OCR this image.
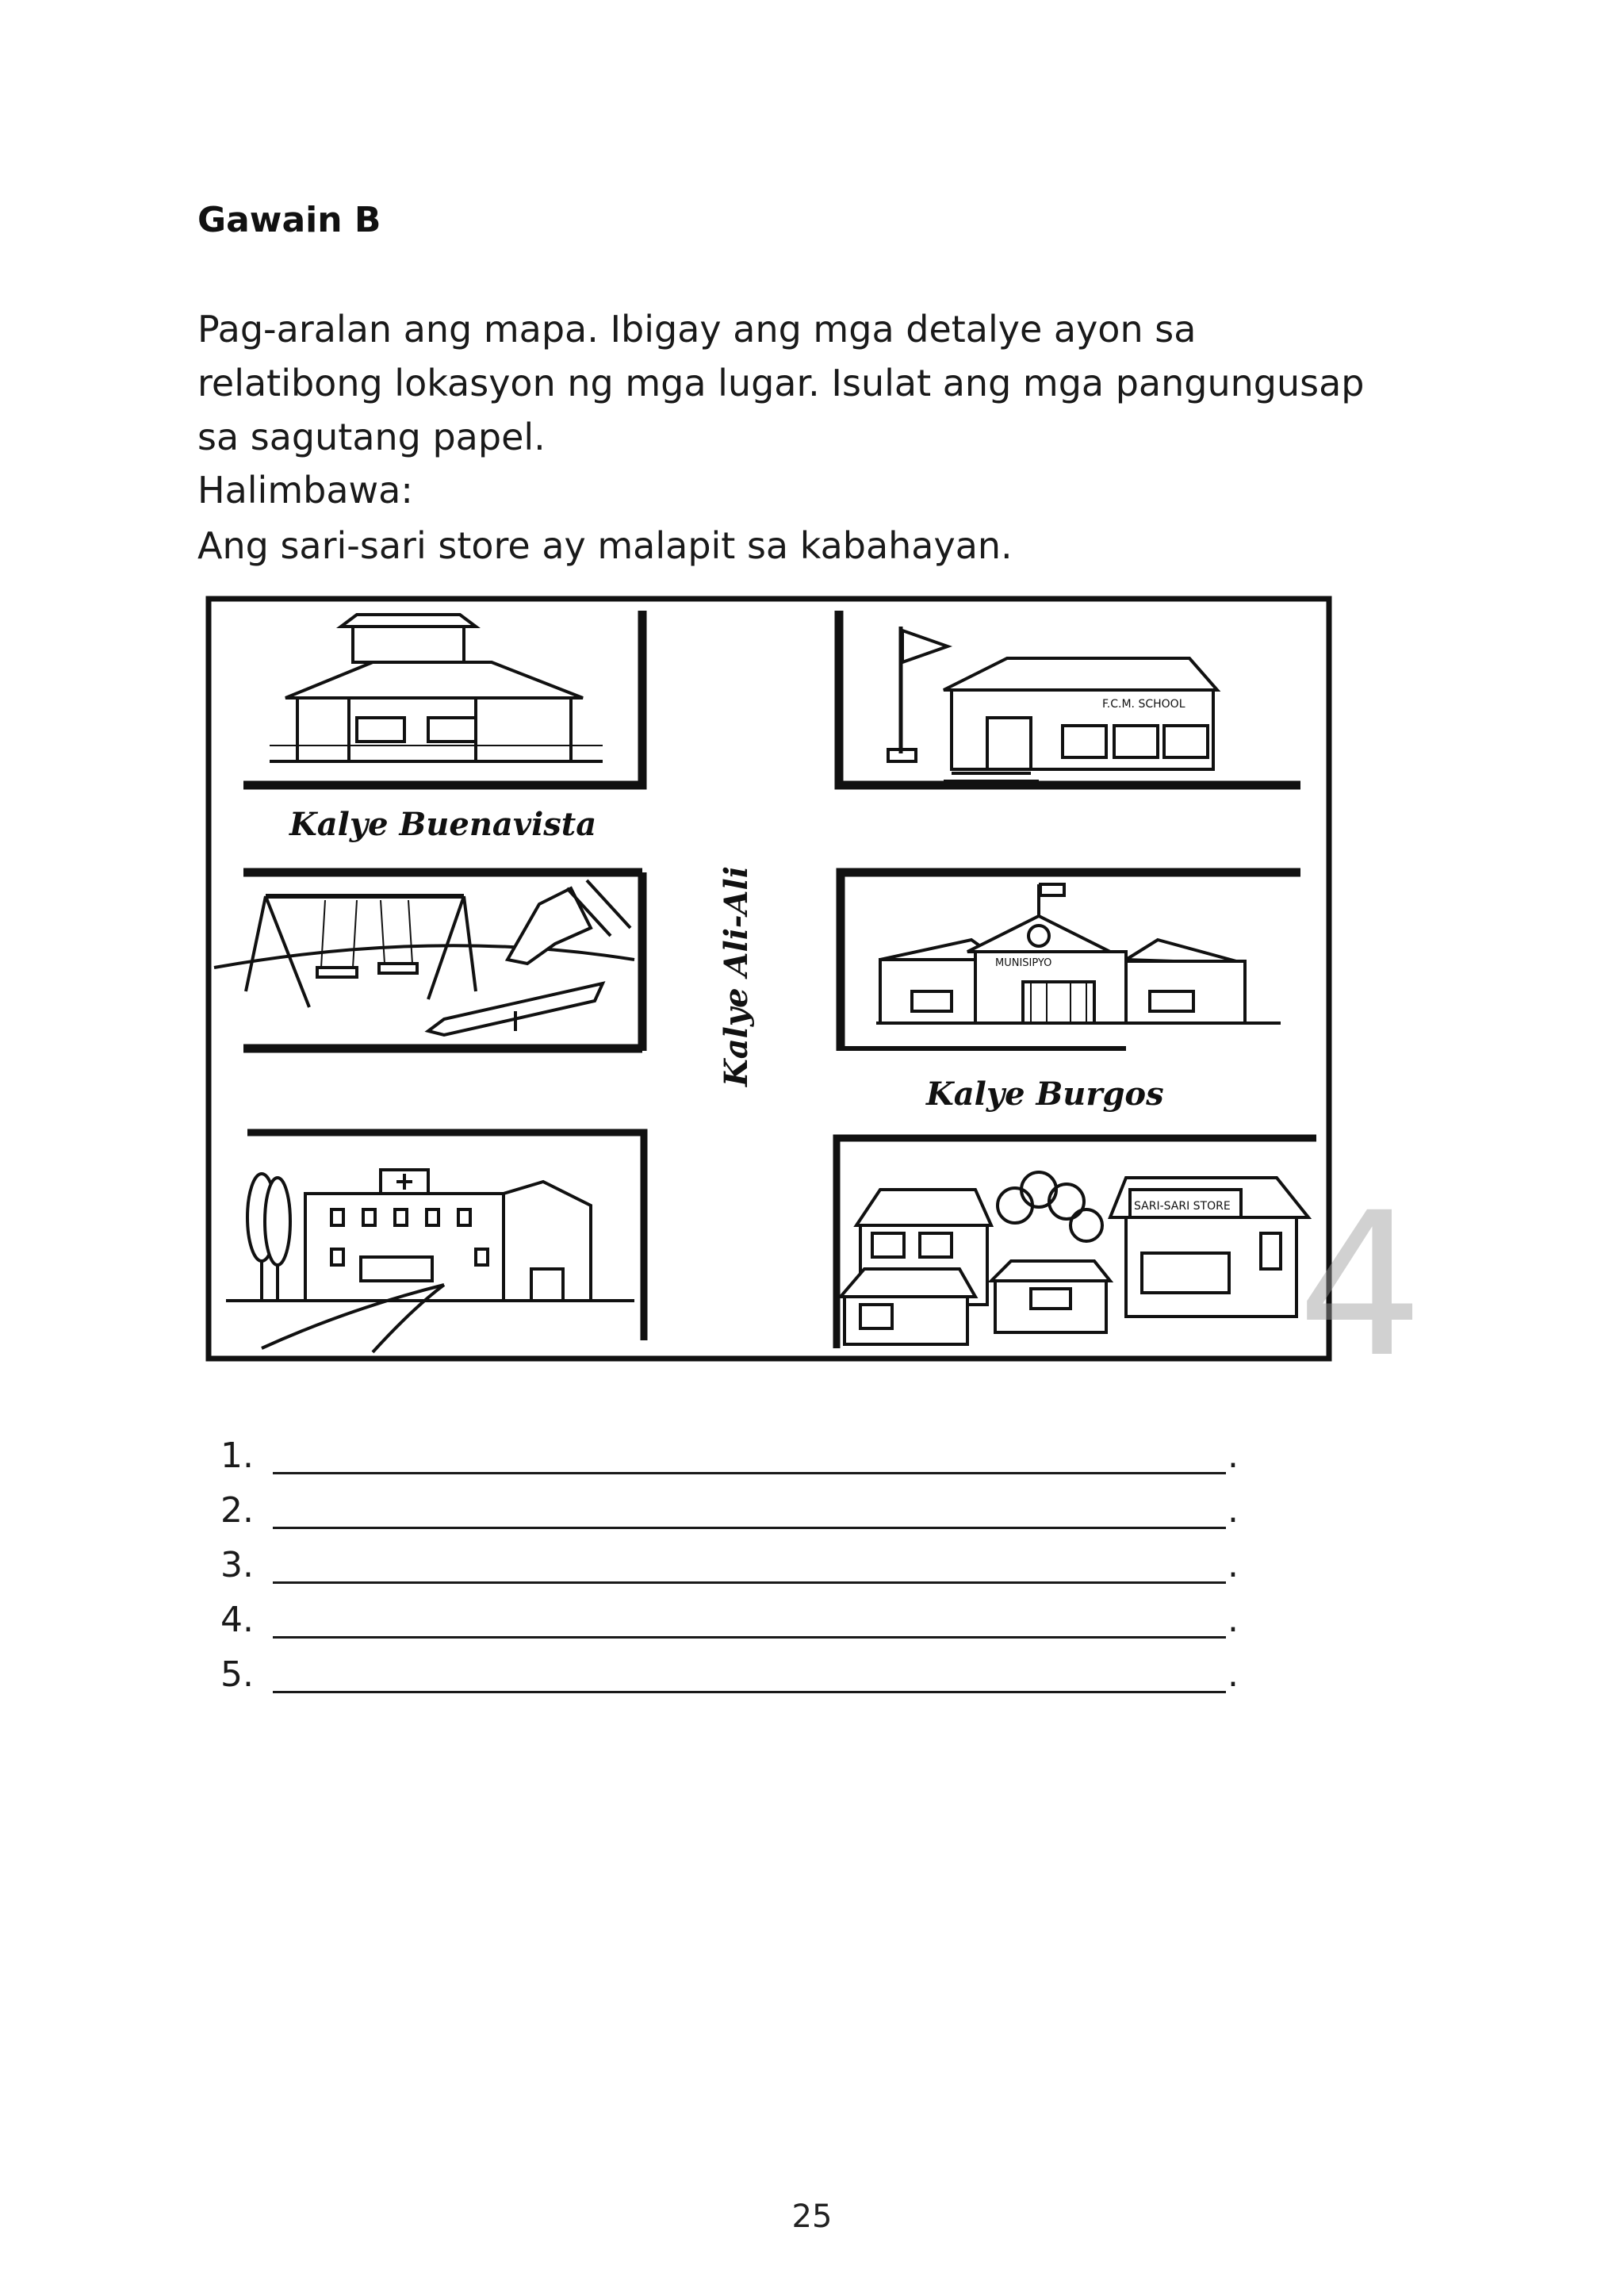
Gawain B
Pag-aralan ang mapa. Ibigay ang mga detalye ayon sa
relatibong lokasyon ng mga lugar. Isulat ang mga pangungusap
sa sagutang papel.
Halimbawa:
Ang sari-sari store ay malapit sa kabahayan.
F.C.M. SCHOOL
Kalye Buenavista
MUNISIPYO
Kalye Ali-Ali
Kalye Burgos
SARI-SARI STORE 4
1.	.
2.	.
3.	.
4.	.
5.	.
25
